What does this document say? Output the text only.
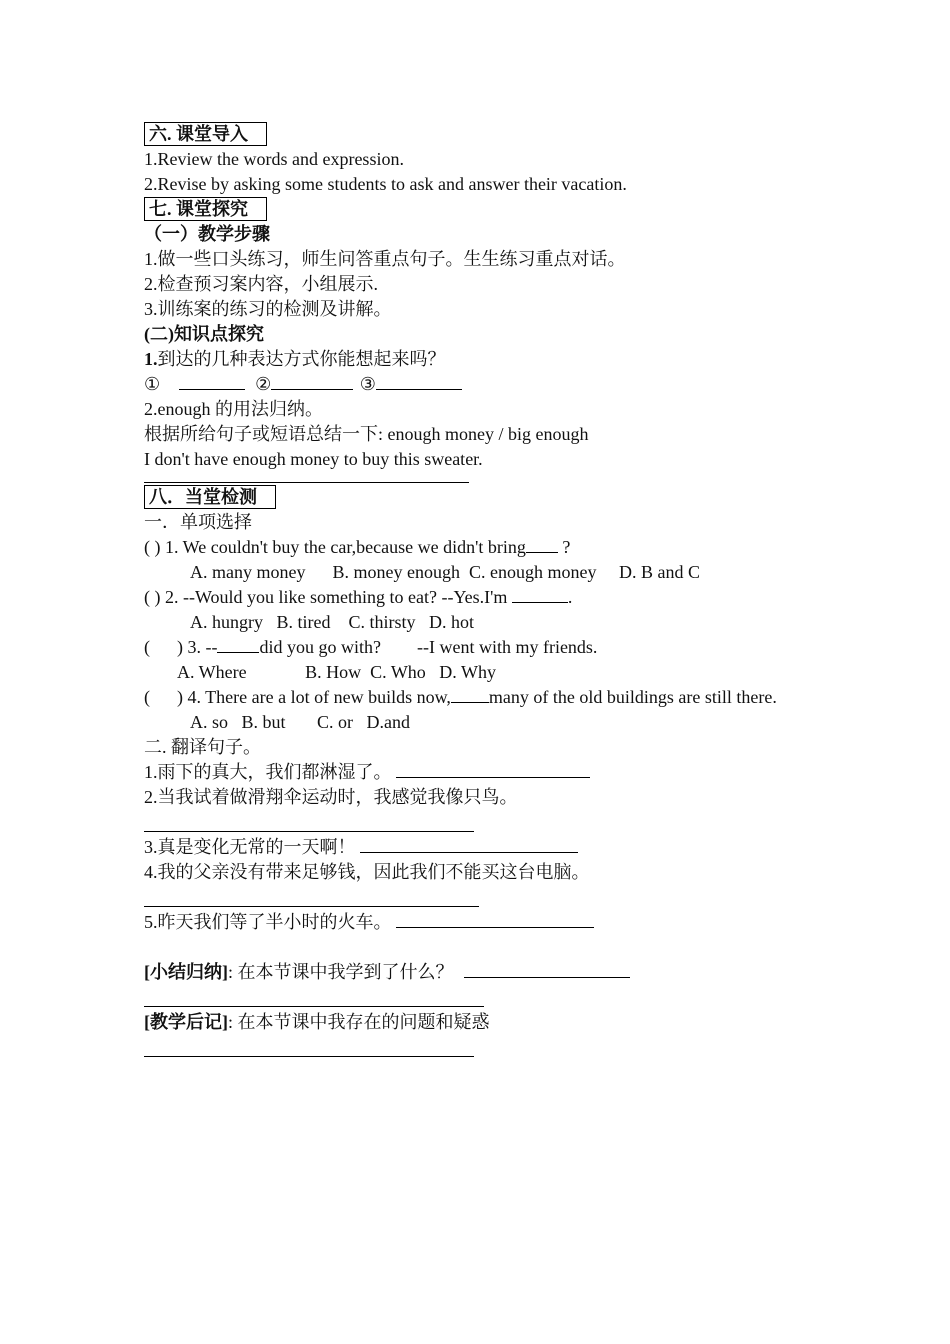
六. 课堂导入
1.Review the words and expression.
2.Revise by asking some students to ask and answer their vacation.
七. 课堂探究
（一）教学步骤
1.做一些口头练习，师生问答重点句子。生生练习重点对话。
2.检查预习案内容，小组展示.
3.训练案的练习的检测及讲解。
(二)知识点探究
1.到达的几种表达方式你能想起来吗？
①	②	③
2.enough 的用法归纳。
根据所给句子或短语总结一下: enough money / big enough
I don't have enough money to buy this sweater.
八．当堂检测
一．单项选择
( ) 1. We couldn't buy the car,because we didn't bring ?
A. many money      B. money enough  C. enough money     D. B and C
( ) 2. --Would you like something to eat? --Yes.I'm	.
A. hungry   B. tired    C. thirsty   D. hot
(      ) 3. -- did you go with?        --I went with my friends.
A. Where             B. How  C. Who   D. Why
(      ) 4. There are a lot of new builds now, many of the old buildings are still there.
A. so   B. but       C. or   D.and
二. 翻译句子。
1.雨下的真大，我们都淋湿了。
2.当我试着做滑翔伞运动时，我感觉我像只鸟。
3.真是变化无常的一天啊！
4.我的父亲没有带来足够钱，因此我们不能买这台电脑。
5.昨天我们等了半小时的火车。
[小结归纳]: 在本节课中我学到了什么？
[教学后记]: 在本节课中我存在的问题和疑惑
